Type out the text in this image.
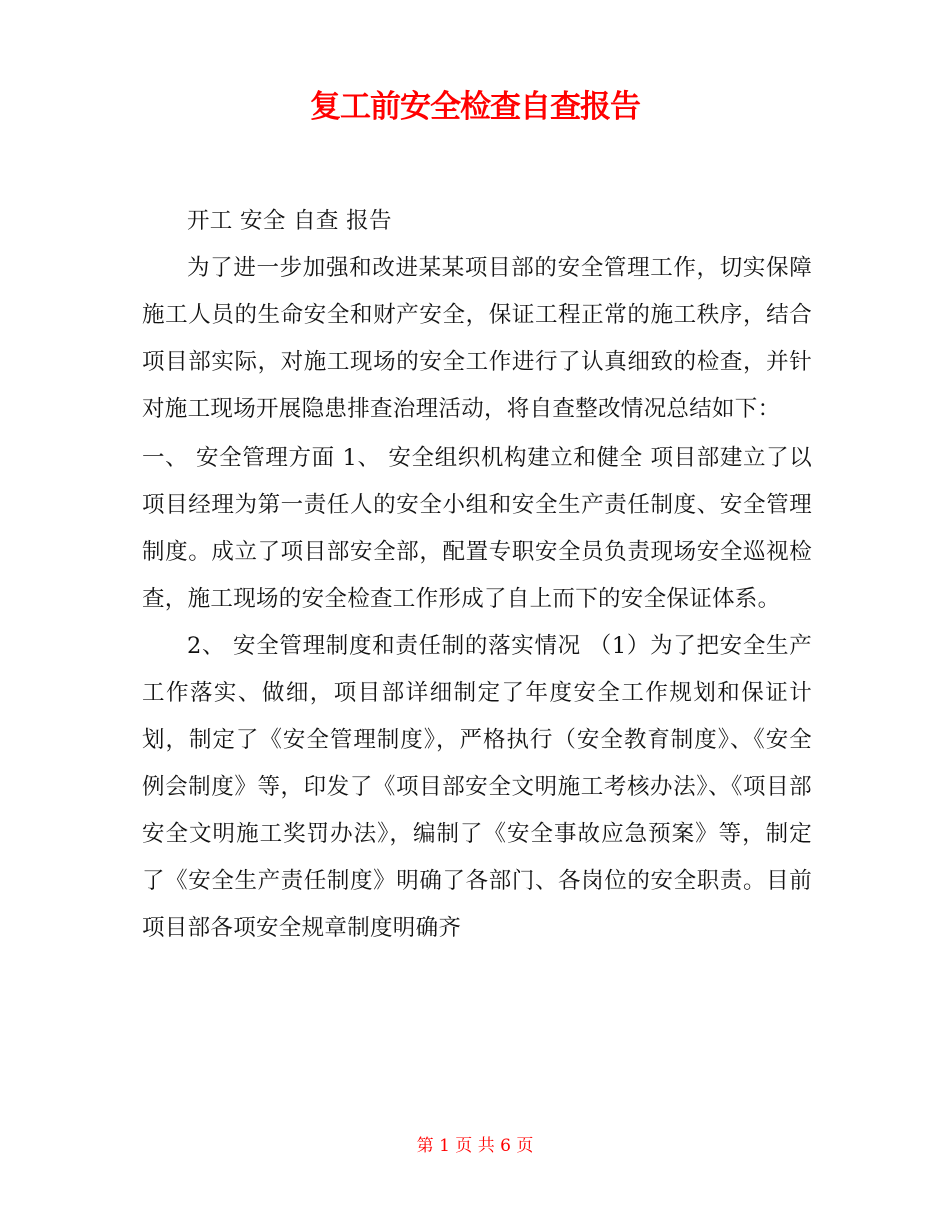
复工前安全检查自查报告

开工 安全 自查 报告

为了进一步加强和改进某某项目部的安全管理工作，切实保障施工人员的生命安全和财产安全，保证工程正常的施工秩序，结合项目部实际，对施工现场的安全工作进行了认真细致的检查，并针对施工现场开展隐患排查治理活动，将自查整改情况总结如下：

一、 安全管理方面 1、 安全组织机构建立和健全 项目部建立了以项目经理为第一责任人的安全小组和安全生产责任制度、安全管理制度。成立了项目部安全部，配置专职安全员负责现场安全巡视检查，施工现场的安全检查工作形成了自上而下的安全保证体系。

2、 安全管理制度和责任制的落实情况 （1）为了把安全生产工作落实、做细，项目部详细制定了年度安全工作规划和保证计划，制定了《安全管理制度》，严格执行（安全教育制度》、《安全例会制度》等，印发了《项目部安全文明施工考核办法》、《项目部安全文明施工奖罚办法》，编制了《安全事故应急预案》等，制定了《安全生产责任制度》明确了各部门、各岗位的安全职责。目前项目部各项安全规章制度明确齐

第 1 页 共 6 页
